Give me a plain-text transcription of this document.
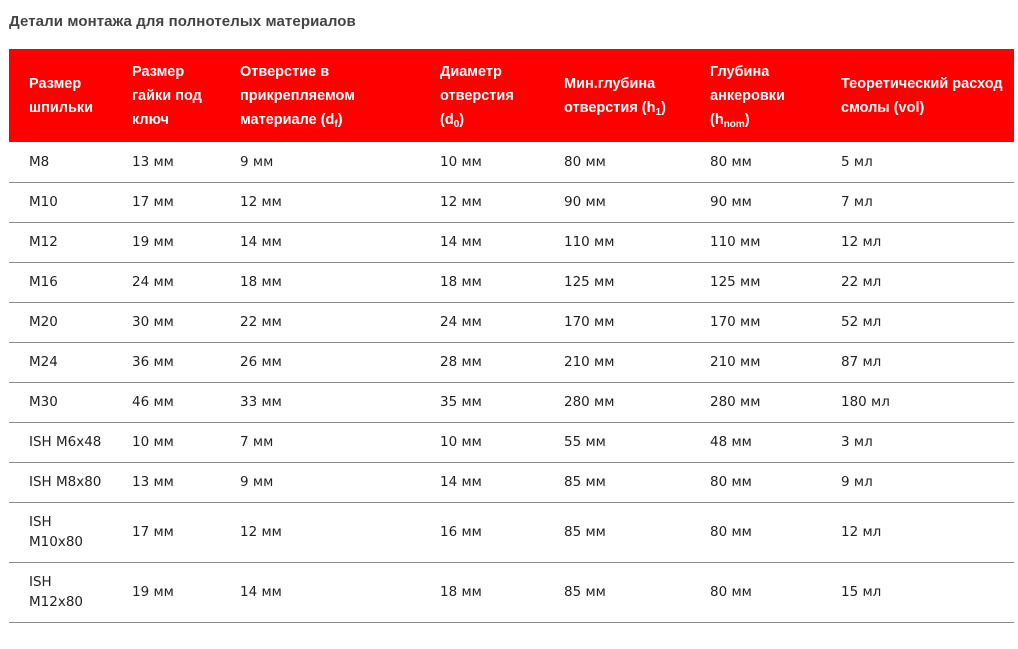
Детали монтажа для полнотелых материалов
Размер шпильки	Размер гайки под ключ	Отверстие в прикрепляемом материале $(d_f)$	Диаметр отверстия $(d_0)$	Мин.глубина отверстия $(h_1)$	Глубина анкеровки $(h_{nom})$	Теоретический расход смолы (vol)
M8	13 мм	9 мм	10 мм	80 мм	80 мм	5 мл
M10	17 мм	12 мм	12 мм	90 мм	90 мм	7 мл
M12	19 мм	14 мм	14 мм	110 мм	110 мм	12 мл
M16	24 мм	18 мм	18 мм	125 мм	125 мм	22 мл
M20	30 мм	22 мм	24 мм	170 мм	170 мм	52 мл
M24	36 мм	26 мм	28 мм	210 мм	210 мм	87 мл
M30	46 мм	33 мм	35 мм	280 мм	280 мм	180 мл
ISH M6x48	10 мм	7 мм	10 мм	55 мм	48 мм	3 мл
ISH M8x80	13 мм	9 мм	14 мм	85 мм	80 мм	9 мл
ISH M10x80	17 мм	12 мм	16 мм	85 мм	80 мм	12 мл
ISH M12x80	19 мм	14 мм	18 мм	85 мм	80 мм	15 мл
